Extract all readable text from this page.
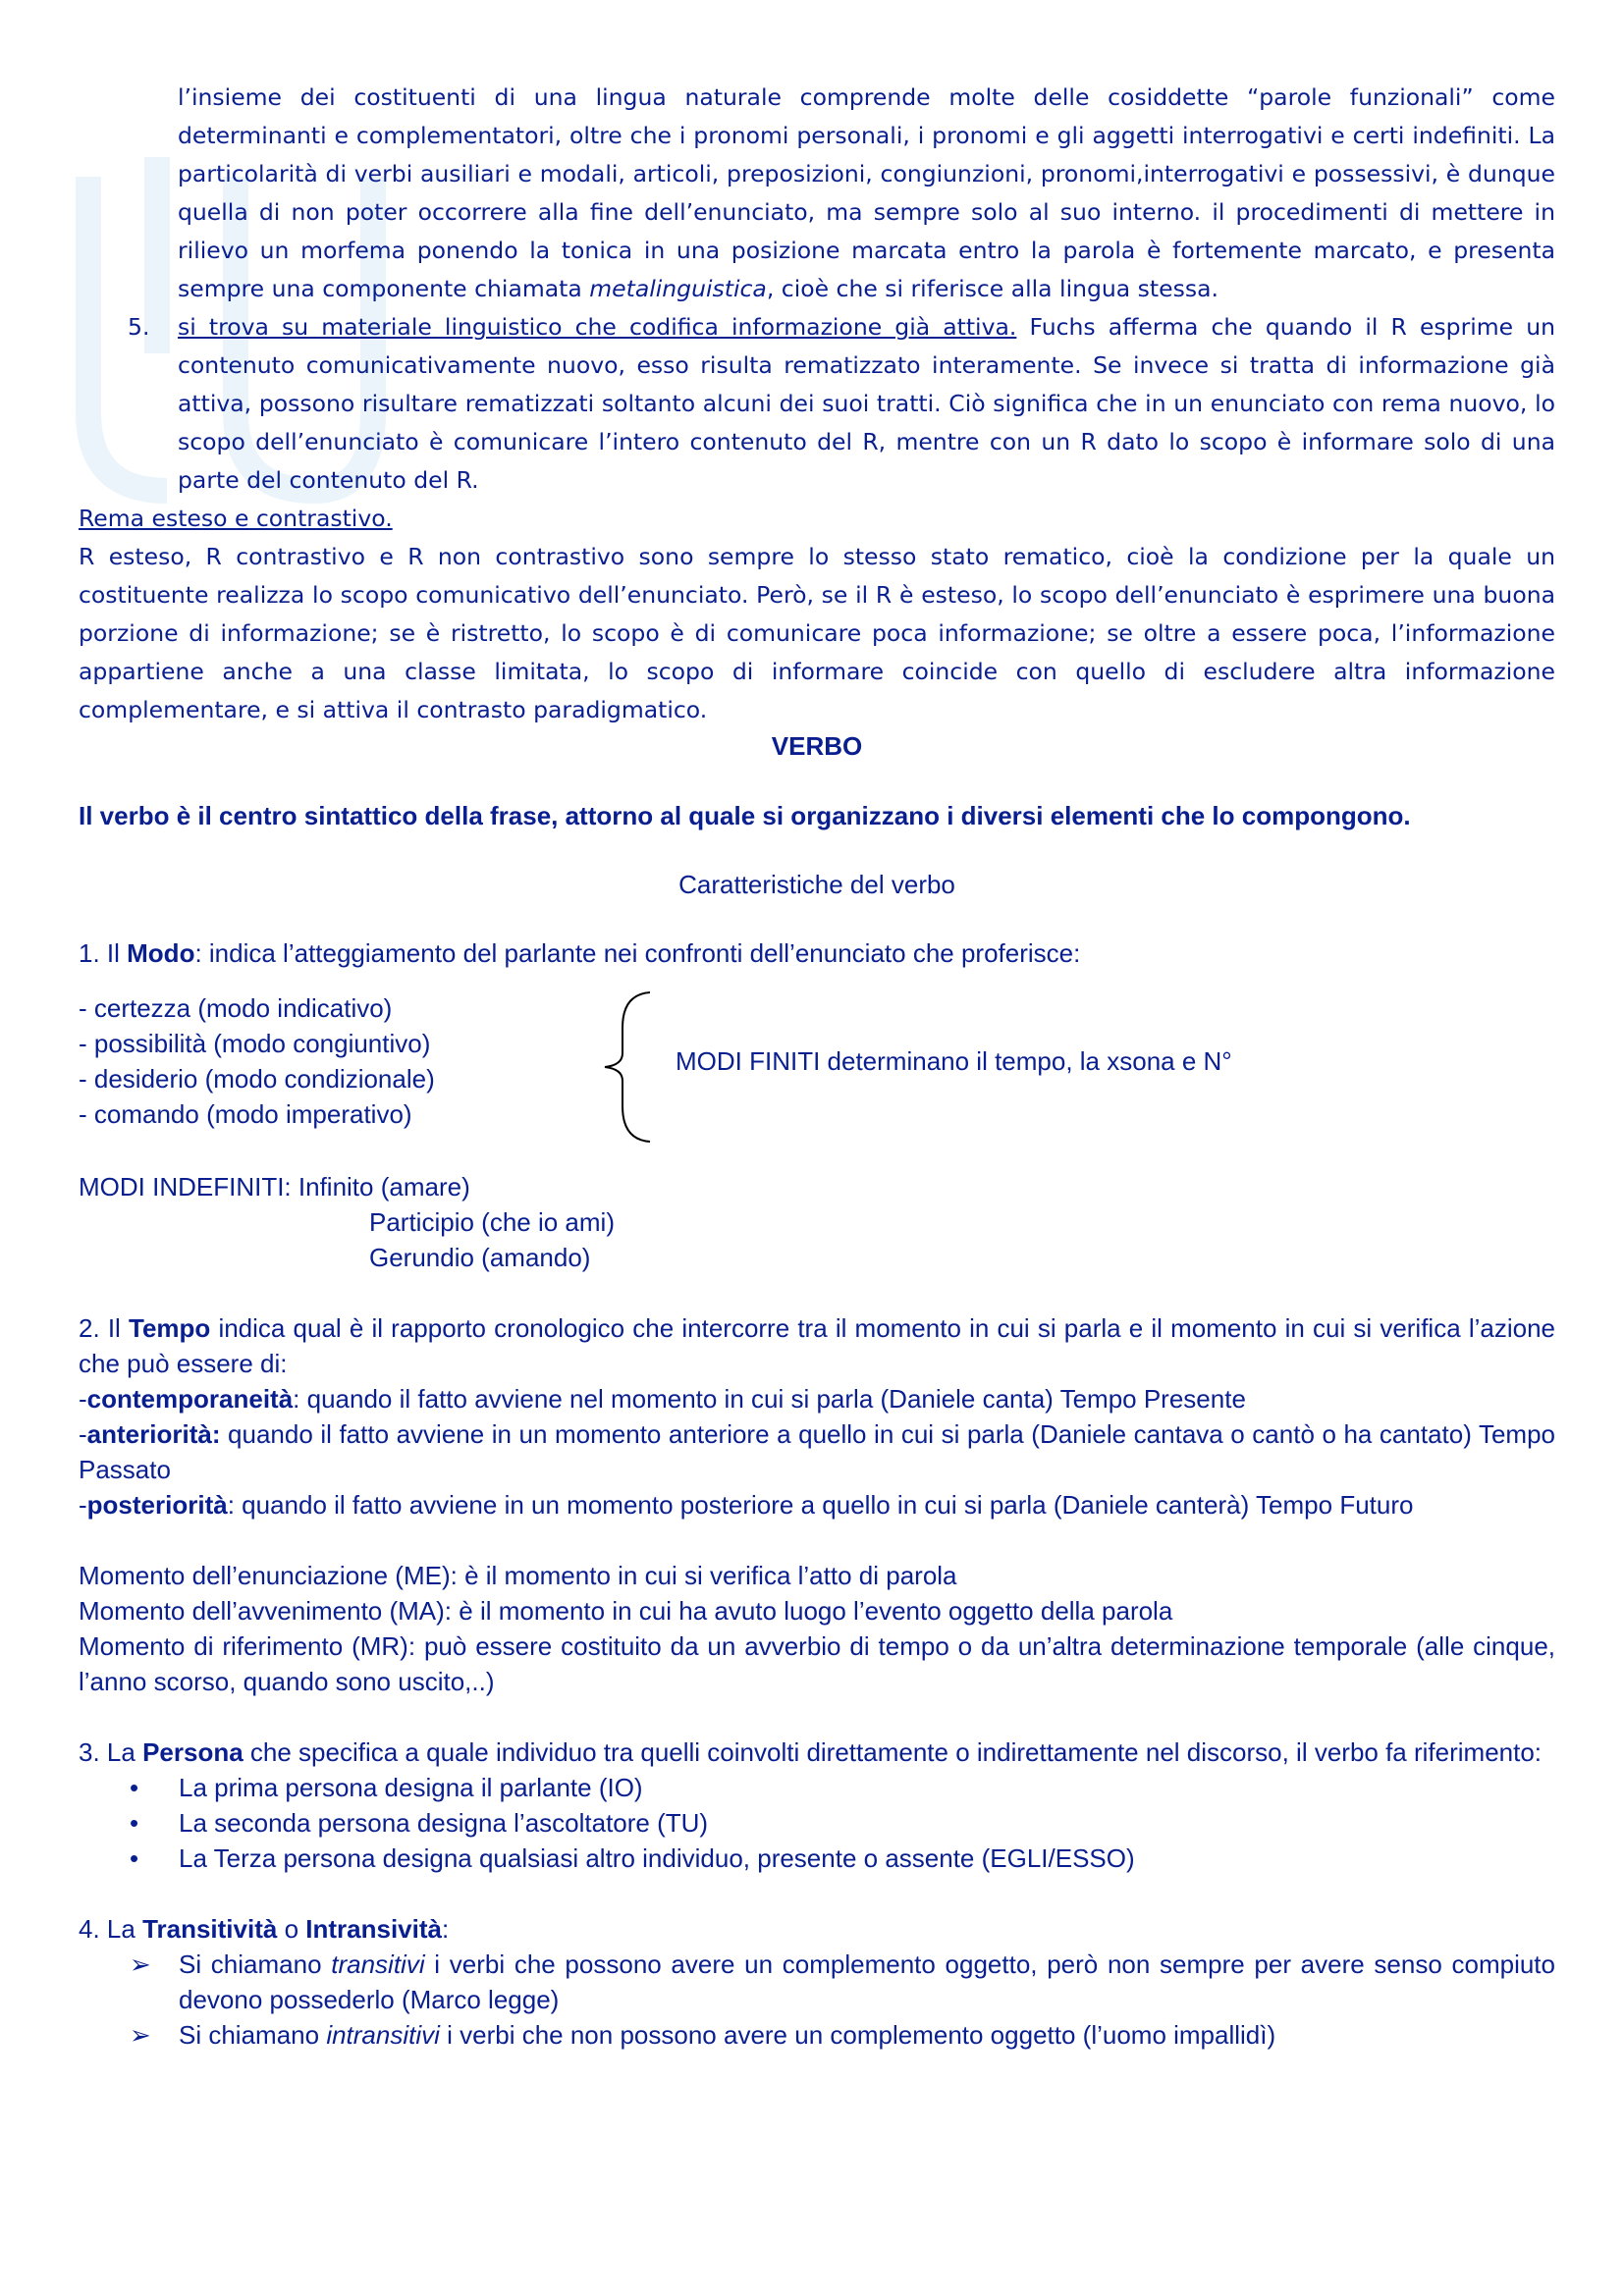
l’insieme dei costituenti di una lingua naturale comprende molte delle cosiddette “parole funzionali” come determinanti e complementatori, oltre che i pronomi personali, i pronomi e gli aggetti interrogativi e certi indefiniti. La particolarità di verbi ausiliari e modali, articoli, preposizioni, congiunzioni, pronomi,interrogativi e possessivi, è dunque quella di non poter occorrere alla fine dell’enunciato, ma sempre solo al suo interno. il procedimenti di mettere in rilievo un morfema ponendo la tonica in una posizione marcata entro la parola è fortemente marcato, e presenta sempre una componente chiamata metalinguistica, cioè che si riferisce alla lingua stessa.

5. si trova su materiale linguistico che codifica informazione già attiva. Fuchs afferma che quando il R esprime un contenuto comunicativamente nuovo, esso risulta rematizzato interamente. Se invece si tratta di informazione già attiva, possono risultare rematizzati soltanto alcuni dei suoi tratti. Ciò significa che in un enunciato con rema nuovo, lo scopo dell’enunciato è comunicare l’intero contenuto del R, mentre con un R dato lo scopo è informare solo di una parte del contenuto del R.
Rema esteso e contrastivo.

R esteso, R contrastivo e R non contrastivo sono sempre lo stesso stato rematico, cioè la condizione per la quale un costituente realizza lo scopo comunicativo dell’enunciato. Però, se il R è esteso, lo scopo dell’enunciato è esprimere una buona porzione di informazione; se è ristretto, lo scopo è di comunicare poca informazione; se oltre a essere poca, l’informazione appartiene anche a una classe limitata, lo scopo di informare coincide con quello di escludere altra informazione complementare, e si attiva il contrasto paradigmatico.

VERBO

Il verbo è il centro sintattico della frase, attorno al quale si organizzano i diversi elementi che lo compongono.

Caratteristiche del verbo

1. Il Modo: indica l’atteggiamento del parlante nei confronti dell’enunciato che proferisce:

- certezza (modo indicativo)
- possibilità (modo congiuntivo)
- desiderio (modo condizionale)
- comando (modo imperativo)
MODI FINITI determinano il tempo, la xsona e N°
MODI INDEFINITI: Infinito (amare)
Participio (che io ami)
Gerundio (amando)

2. Il Tempo indica qual è il rapporto cronologico che intercorre tra il momento in cui si parla e il momento in cui si verifica l’azione che può essere di:

-contemporaneità: quando il fatto avviene nel momento in cui si parla (Daniele canta) Tempo Presente

-anteriorità: quando il fatto avviene in un momento anteriore a quello in cui si parla (Daniele cantava o cantò o ha cantato) Tempo Passato

-posteriorità: quando il fatto avviene in un momento posteriore a quello in cui si parla (Daniele canterà) Tempo Futuro

Momento dell’enunciazione (ME): è il momento in cui si verifica l’atto di parola
Momento dell’avvenimento (MA): è il momento in cui ha avuto luogo l’evento oggetto della parola
Momento di riferimento (MR): può essere costituito da un avverbio di tempo o da un’altra determinazione temporale (alle cinque, l’anno scorso, quando sono uscito,..)

3. La Persona che specifica a quale individuo tra quelli coinvolti direttamente o indirettamente nel discorso, il verbo fa riferimento:

• La prima persona designa il parlante (IO)
• La seconda persona designa l’ascoltatore (TU)
• La Terza persona designa qualsiasi altro individuo, presente o assente (EGLI/ESSO)

4. La Transitività o Intransività:

➢ Si chiamano transitivi i verbi che possono avere un complemento oggetto, però non sempre per avere senso compiuto devono possederlo (Marco legge)
➢ Si chiamano intransitivi i verbi che non possono avere un complemento oggetto (l’uomo impallidì)
